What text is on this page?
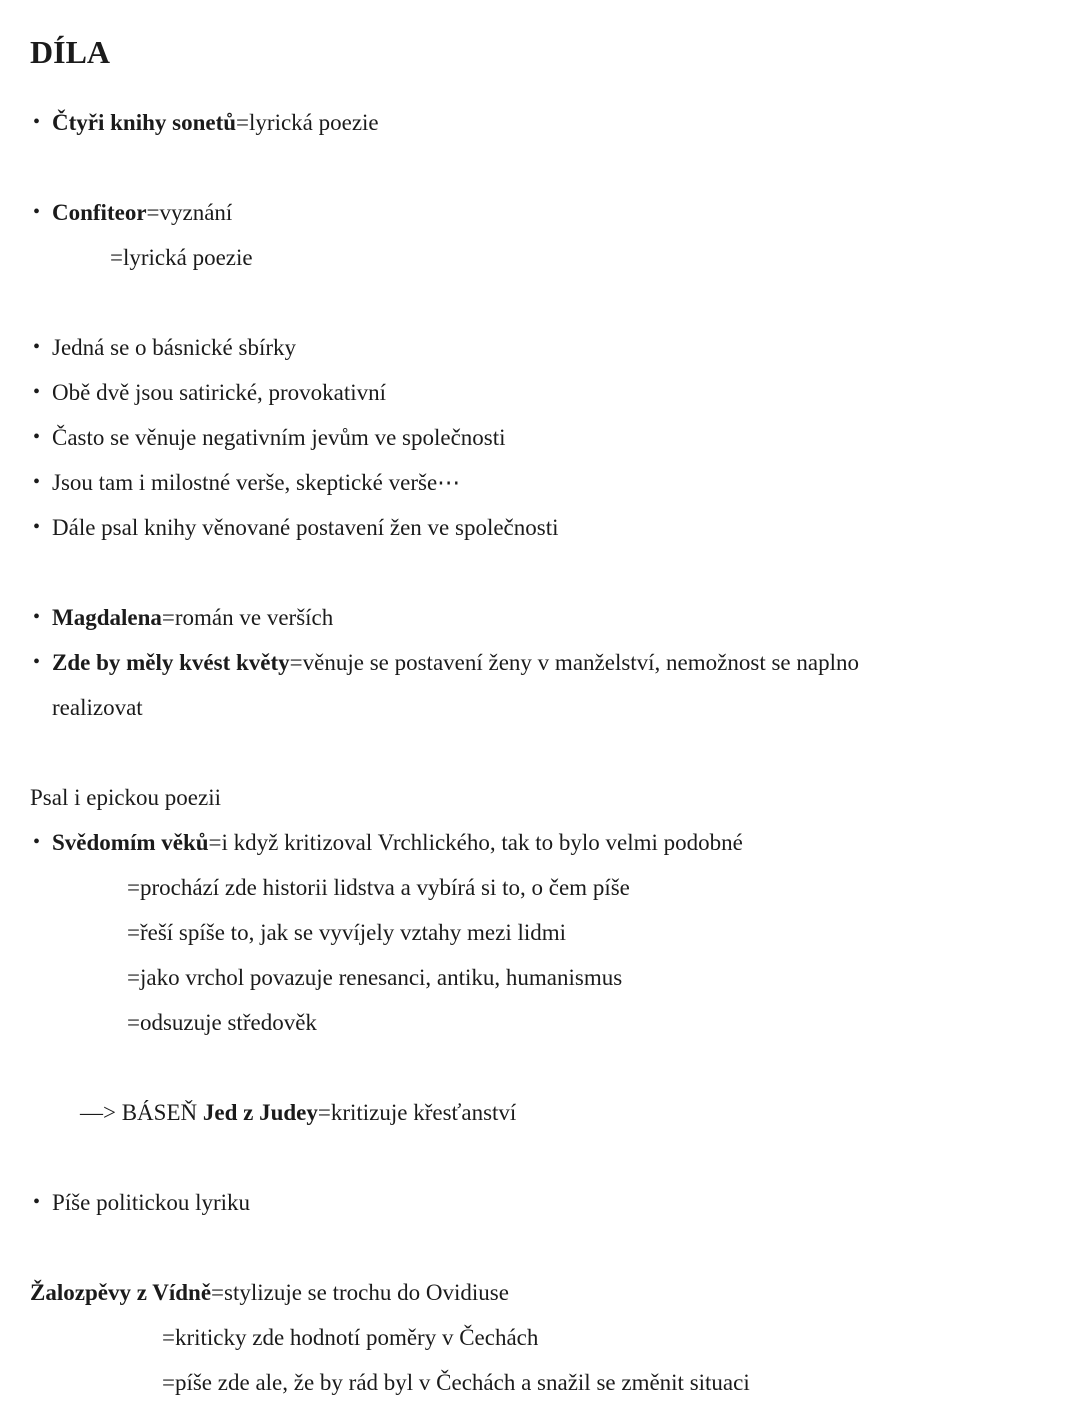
DÍLA
• Čtyři knihy sonetů=lyrická poezie
• Confiteor=vyznání
=lyrická poezie
• Jedná se o básnické sbírky
• Obě dvě jsou satirické, provokativní
• Často se věnuje negativním jevům ve společnosti
• Jsou tam i milostné verše, skeptické verše⋯
• Dále psal knihy věnované postavení žen ve společnosti
• Magdalena=román ve verších
• Zde by měly kvést květy=věnuje se postavení ženy v manželství, nemožnost se naplno
realizovat
Psal i epickou poezii
• Svědomím věků=i když kritizoval Vrchlického, tak to bylo velmi podobné
=prochází zde historii lidstva a vybírá si to, o čem píše
=řeší spíše to, jak se vyvíjely vztahy mezi lidmi
=jako vrchol povazuje renesanci, antiku, humanismus
=odsuzuje středověk
—> BÁSEŇ Jed z Judey=kritizuje křesťanství
• Píše politickou lyriku
Žalozpěvy z Vídně=stylizuje se trochu do Ovidiuse
=kriticky zde hodnotí poměry v Čechách
=píše zde ale, že by rád byl v Čechách a snažil se změnit situaci
